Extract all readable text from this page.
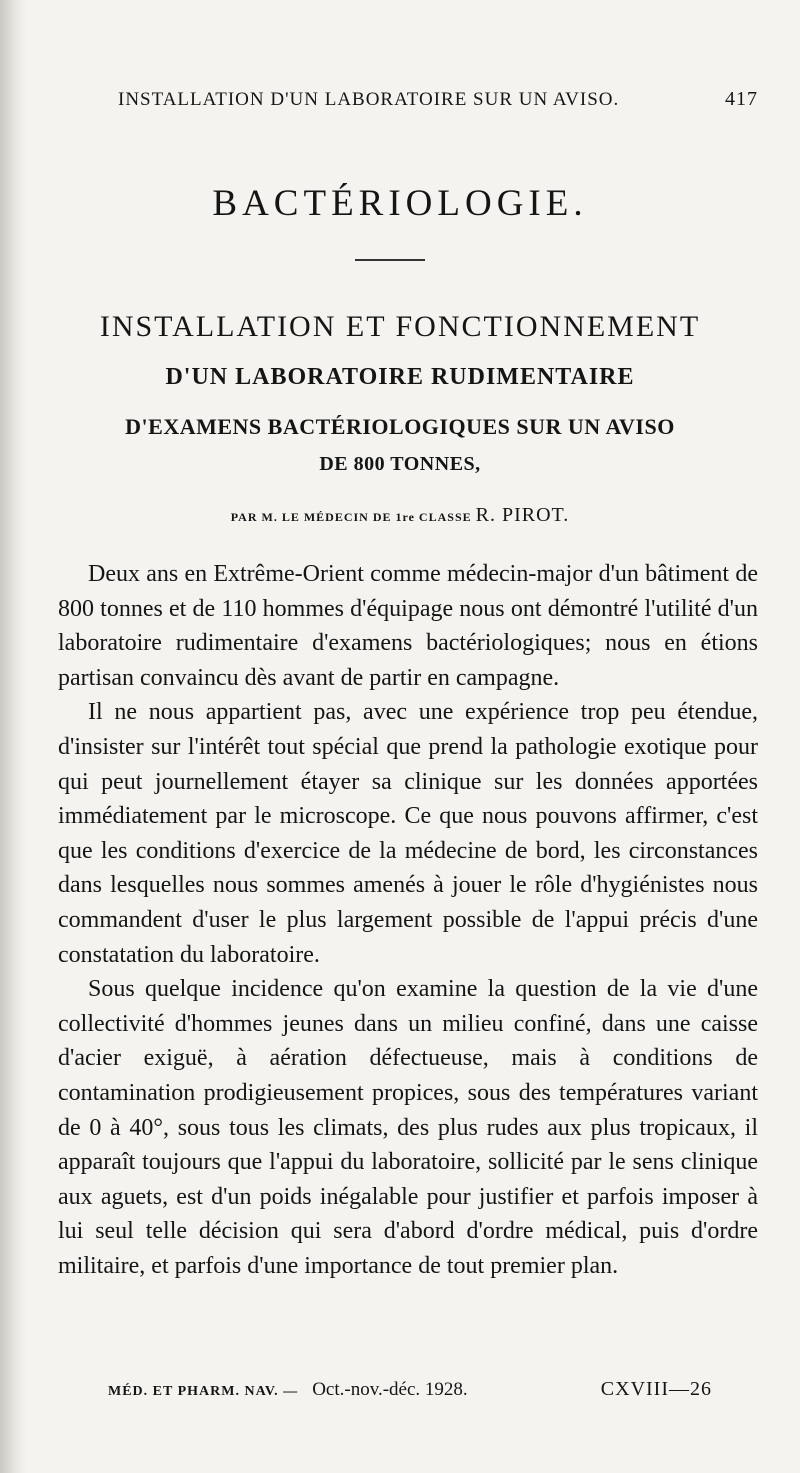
INSTALLATION D'UN LABORATOIRE SUR UN AVISO.	417
BACTÉRIOLOGIE.
INSTALLATION ET FONCTIONNEMENT
D'UN LABORATOIRE RUDIMENTAIRE
D'EXAMENS BACTÉRIOLOGIQUES SUR UN AVISO
DE 800 TONNES,
PAR M. LE MÉDECIN DE 1re CLASSE R. PIROT.

Deux ans en Extrême-Orient comme médecin-major d'un bâtiment de 800 tonnes et de 110 hommes d'équipage nous ont démontré l'utilité d'un laboratoire rudimentaire d'examens bactériologiques; nous en étions partisan convaincu dès avant de partir en campagne.

Il ne nous appartient pas, avec une expérience trop peu étendue, d'insister sur l'intérêt tout spécial que prend la pathologie exotique pour qui peut journellement étayer sa clinique sur les données apportées immédiatement par le microscope. Ce que nous pouvons affirmer, c'est que les conditions d'exercice de la médecine de bord, les circonstances dans lesquelles nous sommes amenés à jouer le rôle d'hygiénistes nous commandent d'user le plus largement possible de l'appui précis d'une constatation du laboratoire.

Sous quelque incidence qu'on examine la question de la vie d'une collectivité d'hommes jeunes dans un milieu confiné, dans une caisse d'acier exiguë, à aération défectueuse, mais à conditions de contamination prodigieusement propices, sous des températures variant de 0 à 40°, sous tous les climats, des plus rudes aux plus tropicaux, il apparaît toujours que l'appui du laboratoire, sollicité par le sens clinique aux aguets, est d'un poids inégalable pour justifier et parfois imposer à lui seul telle décision qui sera d'abord d'ordre médical, puis d'ordre militaire, et parfois d'une importance de tout premier plan.

MÉD. ET PHARM. NAV. — Oct.-nov.-déc. 1928.	CXVIII—26
